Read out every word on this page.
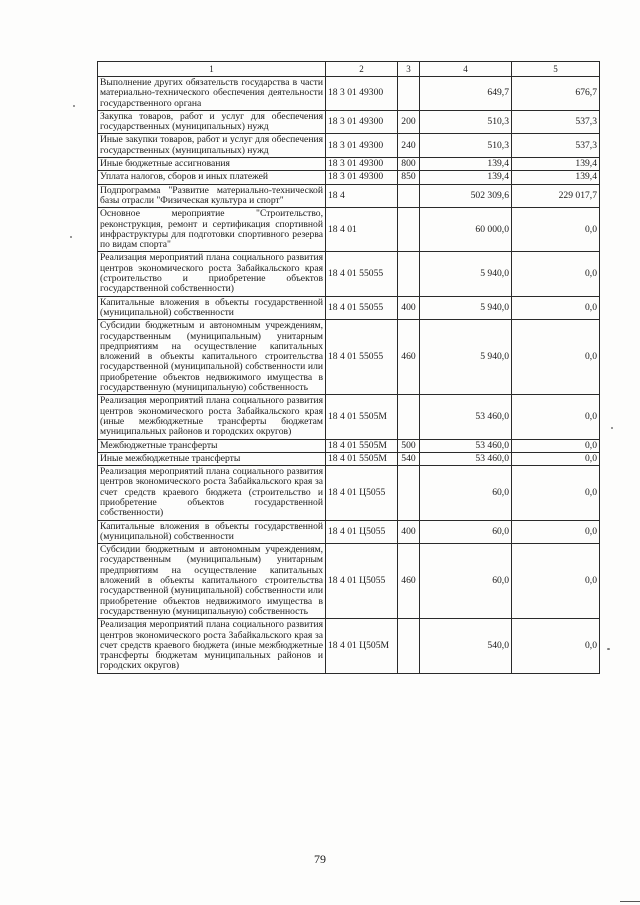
1	2	3	4	5
Выполнение других обязательств государства в части материально-технического обеспечения деятельности государственного органа	18 3 01 49300		649,7	676,7
Закупка товаров, работ и услуг для обеспечения государственных (муниципальных) нужд	18 3 01 49300	200	510,3	537,3
Иные закупки товаров, работ и услуг для обеспечения государственных (муниципальных) нужд	18 3 01 49300	240	510,3	537,3
Иные бюджетные ассигнования	18 3 01 49300	800	139,4	139,4
Уплата налогов, сборов и иных платежей	18 3 01 49300	850	139,4	139,4
Подпрограмма "Развитие материально-технической базы отрасли "Физическая культура и спорт"	18 4		502 309,6	229 017,7
Основное мероприятие "Строительство, реконструкция, ремонт и сертификация спортивной инфраструктуры для подготовки спортивного резерва по видам спорта"	18 4 01		60 000,0	0,0
Реализация мероприятий плана социального развития центров экономического роста Забайкальского края (строительство и приобретение объектов государственной собственности)	18 4 01 55055		5 940,0	0,0
Капитальные вложения в объекты государственной (муниципальной) собственности	18 4 01 55055	400	5 940,0	0,0
Субсидии бюджетным и автономным учреждениям, государственным (муниципальным) унитарным предприятиям на осуществление капитальных вложений в объекты капитального строительства государственной (муниципальной) собственности или приобретение объектов недвижимого имущества в государственную (муниципальную) собственность	18 4 01 55055	460	5 940,0	0,0
Реализация мероприятий плана социального развития центров экономического роста Забайкальского края (иные межбюджетные трансферты бюджетам муниципальных районов и городских округов)	18 4 01 5505М		53 460,0	0,0
Межбюджетные трансферты	18 4 01 5505М	500	53 460,0	0,0
Иные межбюджетные трансферты	18 4 01 5505М	540	53 460,0	0,0
Реализация мероприятий плана социального развития центров экономического роста Забайкальского края за счет средств краевого бюджета (строительство и приобретение объектов государственной собственности)	18 4 01 Ц5055		60,0	0,0
Капитальные вложения в объекты государственной (муниципальной) собственности	18 4 01 Ц5055	400	60,0	0,0
Субсидии бюджетным и автономным учреждениям, государственным (муниципальным) унитарным предприятиям на осуществление капитальных вложений в объекты капитального строительства государственной (муниципальной) собственности или приобретение объектов недвижимого имущества в государственную (муниципальную) собственность	18 4 01 Ц5055	460	60,0	0,0
Реализация мероприятий плана социального развития центров экономического роста Забайкальского края за счет средств краевого бюджета (иные межбюджетные трансферты бюджетам муниципальных районов и городских округов)	18 4 01 Ц505М		540,0	0,0
79
